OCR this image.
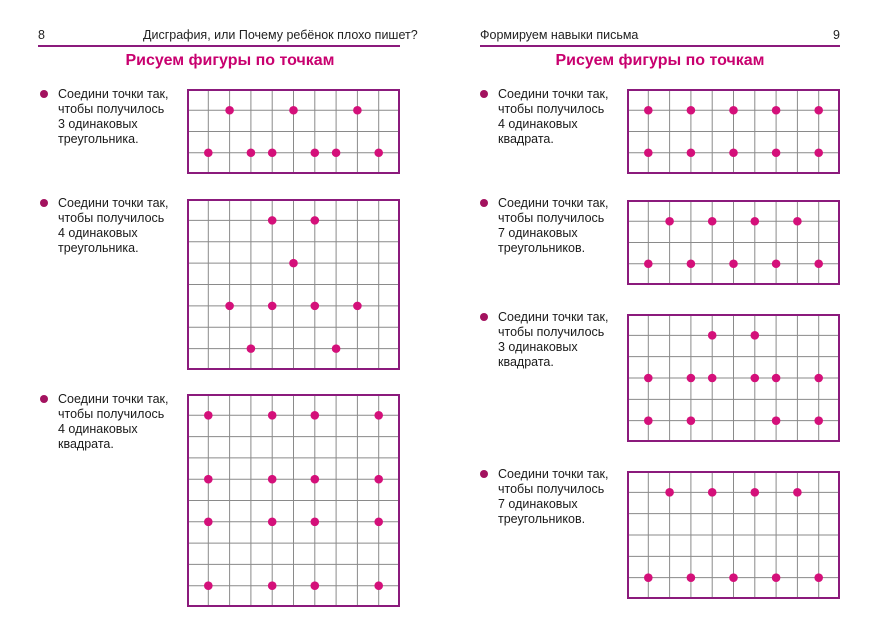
8	Дисграфия, или Почему ребёнок плохо пишет?
Рисуем фигуры по точкам
Соедини точки так,
чтобы получилось
3 одинаковых
треугольника.
Соедини точки так,
чтобы получилось
4 одинаковых
треугольника.
Соедини точки так,
чтобы получилось
4 одинаковых
квадрата.
Формируем навыки письма	9
Рисуем фигуры по точкам
Соедини точки так,
чтобы получилось
4 одинаковых
квадрата.
Соедини точки так,
чтобы получилось
7 одинаковых
треугольников.
Соедини точки так,
чтобы получилось
3 одинаковых
квадрата.
Соедини точки так,
чтобы получилось
7 одинаковых
треугольников.
